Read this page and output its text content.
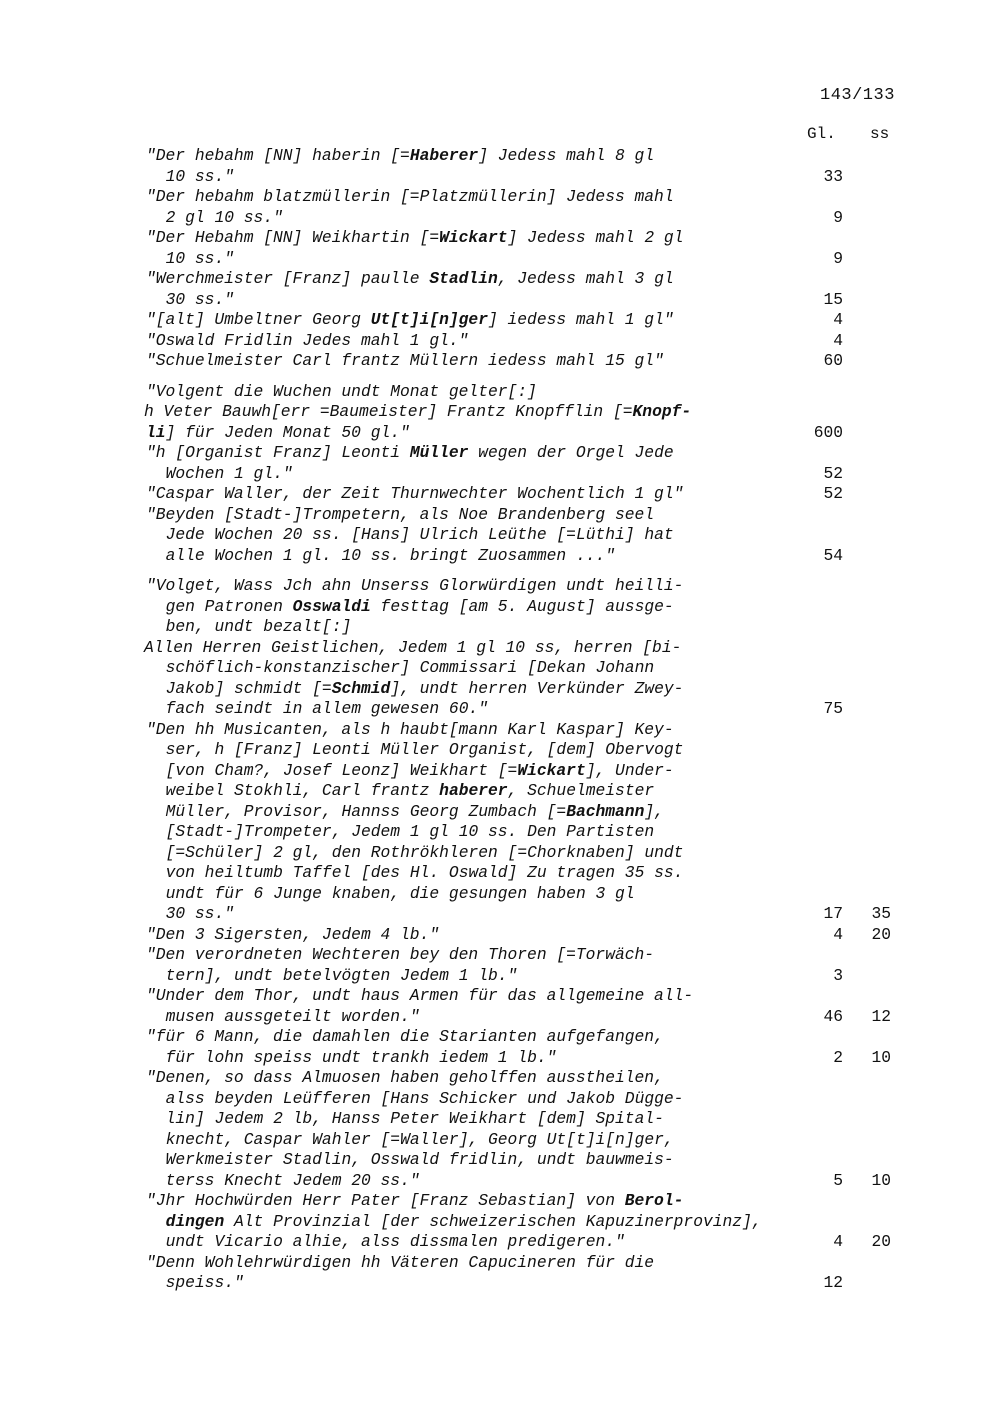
143/133
Gl. ss
"Der hebahm [NN] haberin [=Haberer] Jedess mahl 8 gl
10 ss."	33
"Der hebahm blatzmüllerin [=Platzmüllerin] Jedess mahl
2 gl 10 ss."	9
"Der Hebahm [NN] Weikhartin [=Wickart] Jedess mahl 2 gl
10 ss."	9
"Werchmeister [Franz] paulle Stadlin, Jedess mahl 3 gl
30 ss."	15
"[alt] Umbeltner Georg Ut[t]i[n]ger] iedess mahl 1 gl"	4
"Oswald Fridlin Jedes mahl 1 gl."	4
"Schuelmeister Carl frantz Müllern iedess mahl 15 gl"	60
"Volgent die Wuchen undt Monat gelter[:]
h Veter Bauwh[err =Baumeister] Frantz Knopfflin [=Knopf-
li] für Jeden Monat 50 gl."	600
"h [Organist Franz] Leonti Müller wegen der Orgel Jede
Wochen 1 gl."	52
"Caspar Waller, der Zeit Thurnwechter Wochentlich 1 gl"	52
"Beyden [Stadt-]Trompetern, als Noe Brandenberg seel
Jede Wochen 20 ss. [Hans] Ulrich Leüthe [=Lüthi] hat
alle Wochen 1 gl. 10 ss. bringt Zuosammen ..."	54
"Volget, Wass Jch ahn Unserss Glorwürdigen undt heilli-
gen Patronen Osswaldi festtag [am 5. August] aussge-
ben, undt bezalt[:]
Allen Herren Geistlichen, Jedem 1 gl 10 ss, herren [bi-
schöflich-konstanzischer] Commissari [Dekan Johann
Jakob] schmidt [=Schmid], undt herren Verkünder Zwey-
fach seindt in allem gewesen 60."	75
"Den hh Musicanten, als h haubt[mann Karl Kaspar] Key-
ser, h [Franz] Leonti Müller Organist, [dem] Obervogt
[von Cham?, Josef Leonz] Weikhart [=Wickart], Under-
weibel Stokhli, Carl frantz haberer, Schuelmeister
Müller, Provisor, Hannss Georg Zumbach [=Bachmann],
[Stadt-]Trompeter, Jedem 1 gl 10 ss. Den Partisten
[=Schüler] 2 gl, den Rothrökhleren [=Chorknaben] undt
von heiltumb Taffel [des Hl. Oswald] Zu tragen 35 ss.
undt für 6 Junge knaben, die gesungen haben 3 gl
30 ss."	17	35
"Den 3 Sigersten, Jedem 4 lb."	4	20
"Den verordneten Wechteren bey den Thoren [=Torwäch-
tern], undt betelvögten Jedem 1 lb."	3
"Under dem Thor, undt haus Armen für das allgemeine all-
musen aussgeteilt worden."	46	12
"für 6 Mann, die damahlen die Starianten aufgefangen,
für lohn speiss undt trankh iedem 1 lb."	2	10
"Denen, so dass Almuosen haben geholffen ausstheilen,
alss beyden Leüfferen [Hans Schicker und Jakob Dügge-
lin] Jedem 2 lb, Hanss Peter Weikhart [dem] Spital-
knecht, Caspar Wahler [=Waller], Georg Ut[t]i[n]ger,
Werkmeister Stadlin, Osswald fridlin, undt bauwmeis-
terss Knecht Jedem 20 ss."	5	10
"Jhr Hochwürden Herr Pater [Franz Sebastian] von Berol-
dingen Alt Provinzial [der schweizerischen Kapuzinerprovinz],
undt Vicario alhie, alss dissmalen predigeren."	4	20
"Denn Wohlehrwürdigen hh Väteren Capucineren für die
speiss."	12
